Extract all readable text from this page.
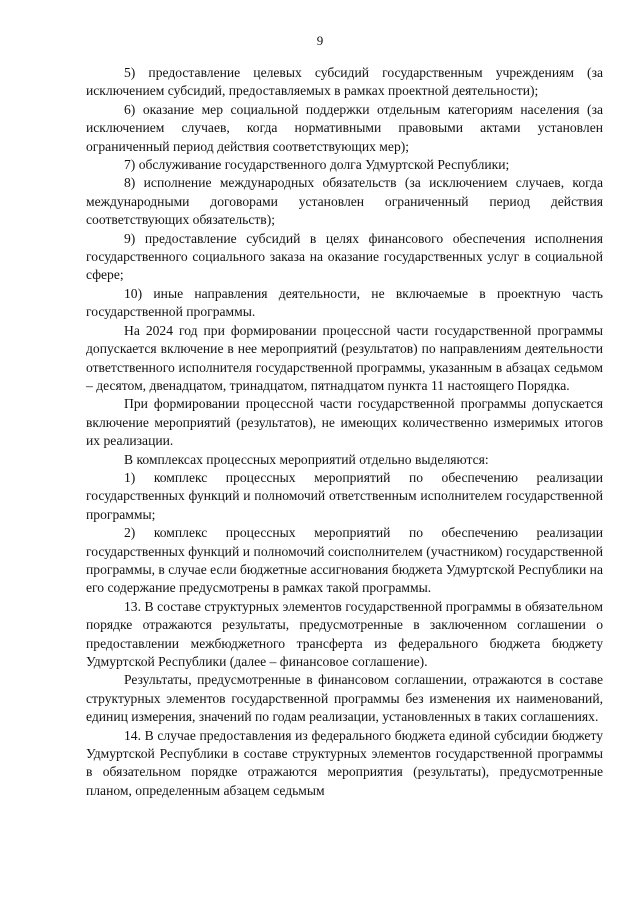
9

5) предоставление целевых субсидий государственным учреждениям (за исключением субсидий, предоставляемых в рамках проектной деятельности);

6) оказание мер социальной поддержки отдельным категориям населения (за исключением случаев, когда нормативными правовыми актами установлен ограниченный период действия соответствующих мер);

7) обслуживание государственного долга Удмуртской Республики;

8) исполнение международных обязательств (за исключением случаев, когда международными договорами установлен ограниченный период действия соответствующих обязательств);

9) предоставление субсидий в целях финансового обеспечения исполнения государственного социального заказа на оказание государственных услуг в социальной сфере;

10) иные направления деятельности, не включаемые в проектную часть государственной программы.

На 2024 год при формировании процессной части государственной программы допускается включение в нее мероприятий (результатов) по направлениям деятельности ответственного исполнителя государственной программы, указанным в абзацах седьмом – десятом, двенадцатом, тринадцатом, пятнадцатом пункта 11 настоящего Порядка.

При формировании процессной части государственной программы допускается включение мероприятий (результатов), не имеющих количественно измеримых итогов их реализации.

В комплексах процессных мероприятий отдельно выделяются:

1) комплекс процессных мероприятий по обеспечению реализации государственных функций и полномочий ответственным исполнителем государственной программы;

2) комплекс процессных мероприятий по обеспечению реализации государственных функций и полномочий соисполнителем (участником) государственной программы, в случае если бюджетные ассигнования бюджета Удмуртской Республики на его содержание предусмотрены в рамках такой программы.

13. В составе структурных элементов государственной программы в обязательном порядке отражаются результаты, предусмотренные в заключенном соглашении о предоставлении межбюджетного трансферта из федерального бюджета бюджету Удмуртской Республики (далее – финансовое соглашение).

Результаты, предусмотренные в финансовом соглашении, отражаются в составе структурных элементов государственной программы без изменения их наименований, единиц измерения, значений по годам реализации, установленных в таких соглашениях.

14. В случае предоставления из федерального бюджета единой субсидии бюджету Удмуртской Республики в составе структурных элементов государственной программы в обязательном порядке отражаются мероприятия (результаты), предусмотренные планом, определенным абзацем седьмым
